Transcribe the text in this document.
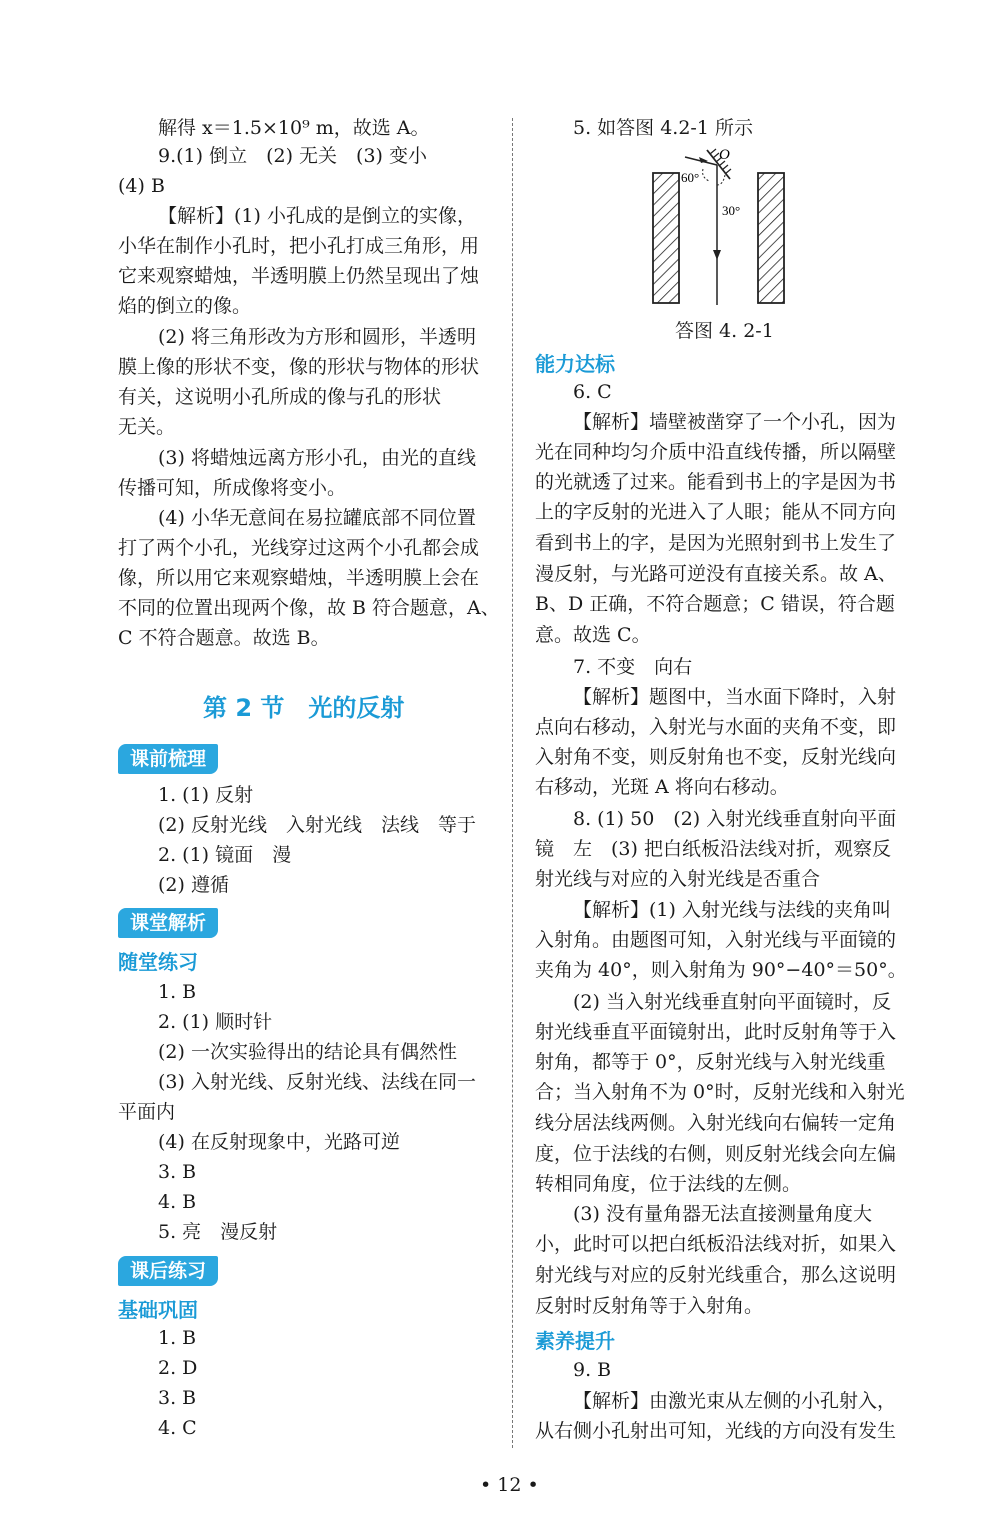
解得 x＝1.5×10⁹ m，故选 A。
9.(1) 倒立　(2) 无关　(3) 变小
(4) B
【解析】(1) 小孔成的是倒立的实像，
小华在制作小孔时，把小孔打成三角形，用
它来观察蜡烛，半透明膜上仍然呈现出了烛
焰的倒立的像。
(2) 将三角形改为方形和圆形，半透明
膜上像的形状不变，像的形状与物体的形状
有关，这说明小孔所成的像与孔的形状
无关。
(3) 将蜡烛远离方形小孔，由光的直线
传播可知，所成像将变小。
(4) 小华无意间在易拉罐底部不同位置
打了两个小孔，光线穿过这两个小孔都会成
像，所以用它来观察蜡烛，半透明膜上会在
不同的位置出现两个像，故 B 符合题意，A、
C 不符合题意。故选 B。
第 2 节　光的反射
课前梳理
1. (1) 反射
(2) 反射光线　入射光线　法线　等于
2. (1) 镜面　漫
(2) 遵循
课堂解析
随堂练习
1. B
2. (1) 顺时针
(2) 一次实验得出的结论具有偶然性
(3) 入射光线、反射光线、法线在同一
平面内
(4) 在反射现象中，光路可逆
3. B
4. B
5. 亮　漫反射
课后练习
基础巩固
1. B
2. D
3. B
4. C
5. 如答图 4.2-1 所示
O
60°
30°
答图 4. 2-1
能力达标
6. C
【解析】墙壁被凿穿了一个小孔，因为
光在同种均匀介质中沿直线传播，所以隔壁
的光就透了过来。能看到书上的字是因为书
上的字反射的光进入了人眼；能从不同方向
看到书上的字，是因为光照射到书上发生了
漫反射，与光路可逆没有直接关系。故 A、
B、D 正确，不符合题意；C 错误，符合题
意。故选 C。
7. 不变　向右
【解析】题图中，当水面下降时，入射
点向右移动，入射光与水面的夹角不变，即
入射角不变，则反射角也不变，反射光线向
右移动，光斑 A 将向右移动。
8. (1) 50　(2) 入射光线垂直射向平面
镜　左　(3) 把白纸板沿法线对折，观察反
射光线与对应的入射光线是否重合
【解析】(1) 入射光线与法线的夹角叫
入射角。由题图可知，入射光线与平面镜的
夹角为 40°，则入射角为 90°−40°＝50°。
(2) 当入射光线垂直射向平面镜时，反
射光线垂直平面镜射出，此时反射角等于入
射角，都等于 0°，反射光线与入射光线重
合；当入射角不为 0°时，反射光线和入射光
线分居法线两侧。入射光线向右偏转一定角
度，位于法线的右侧，则反射光线会向左偏
转相同角度，位于法线的左侧。
(3) 没有量角器无法直接测量角度大
小，此时可以把白纸板沿法线对折，如果入
射光线与对应的反射光线重合，那么这说明
反射时反射角等于入射角。
素养提升
9. B
【解析】由激光束从左侧的小孔射入，
从右侧小孔射出可知，光线的方向没有发生
• 12 •
